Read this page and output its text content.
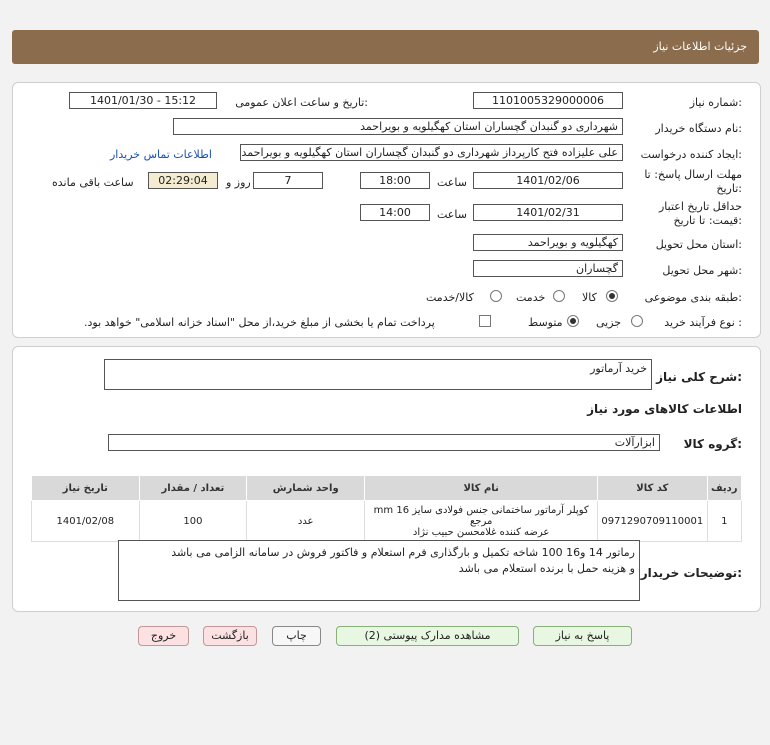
جزئیات اطلاعات نیاز
شماره نیاز:
1101005329000006
تاریخ و ساعت اعلان عمومی:
1401/01/30 - 15:12
نام دستگاه خریدار:
شهرداری دو گنبدان گچساران استان کهگیلویه و بویراحمد
ایجاد کننده درخواست:
علی علیزاده فتح کارپرداز شهرداری دو گنبدان گچساران استان کهگیلویه و بویراحمد
اطلاعات تماس خریدار
مهلت ارسال پاسخ: تا
تاریخ:
1401/02/06
ساعت
18:00
7
روز و
02:29:04
ساعت باقی مانده
حداقل تاریخ اعتبار
قیمت: تا تاریخ:
1401/02/31
ساعت
14:00
استان محل تحویل:
کهگیلویه و بویراحمد
شهر محل تحویل:
گچساران
طبقه بندی موضوعی:
کالا
خدمت
کالا/خدمت
نوع فرآیند خرید :
جزیی
متوسط
پرداخت تمام یا بخشی از مبلغ خرید،از محل "اسناد خزانه اسلامی" خواهد بود.
شرح کلی نیاز:
خرید آرماتور
اطلاعات کالاهای مورد نیاز
گروه کالا:
ابزارآلات
ردیف	کد کالا	نام کالا	واحد شمارش	تعداد / مقدار	تاریخ نیاز
1	0971290709110001	کوپلر آرماتور ساختمانی جنس فولادی سایز mm 16 مرجع
عرضه کننده غلامحسن حبیب نژاد	عدد	100	1401/02/08
توضیحات خریدار:
رماتور 14 و16 100 شاخه تکمیل و بارگذاری فرم استعلام و فاکتور فروش در سامانه الزامی می باشد
و هزینه حمل با برنده استعلام می باشد
پاسخ به نیاز
مشاهده مدارک پیوستی (2)
چاپ
بازگشت
خروج
